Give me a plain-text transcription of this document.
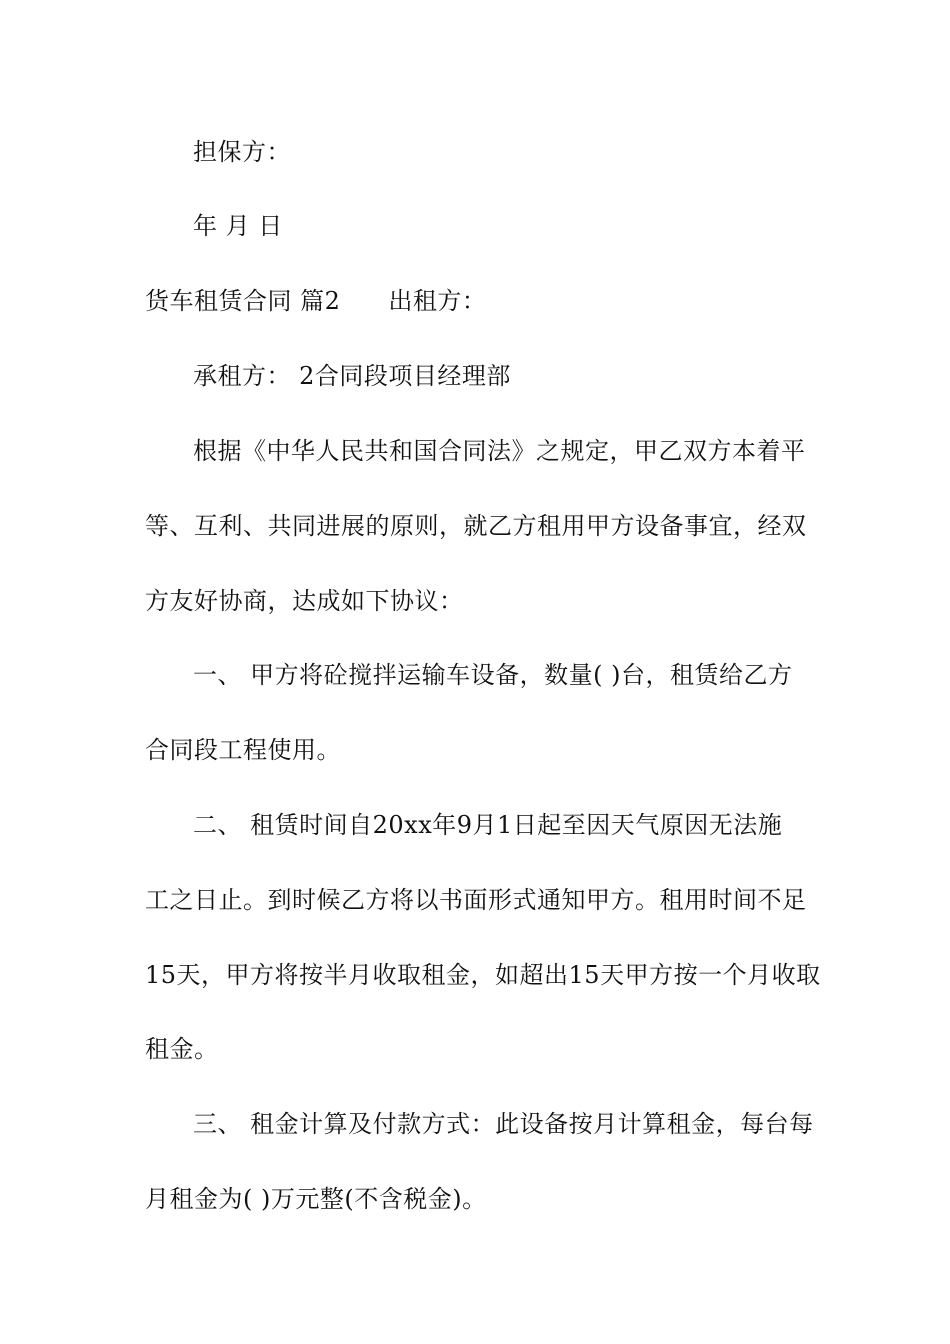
担保方：
年 月 日
货车租赁合同 篇2 出租方：
承租方： 2合同段项目经理部
根据《中华人民共和国合同法》之规定，甲乙双方本着平
等、互利、共同进展的原则，就乙方租用甲方设备事宜，经双
方友好协商，达成如下协议：
一、 甲方将砼搅拌运输车设备，数量( )台，租赁给乙方
合同段工程使用。
二、 租赁时间自20xx年9月1日起至因天气原因无法施
工之日止。到时候乙方将以书面形式通知甲方。租用时间不足
15天，甲方将按半月收取租金，如超出15天甲方按一个月收取
租金。
三、 租金计算及付款方式：此设备按月计算租金，每台每
月租金为( )万元整(不含税金)。
